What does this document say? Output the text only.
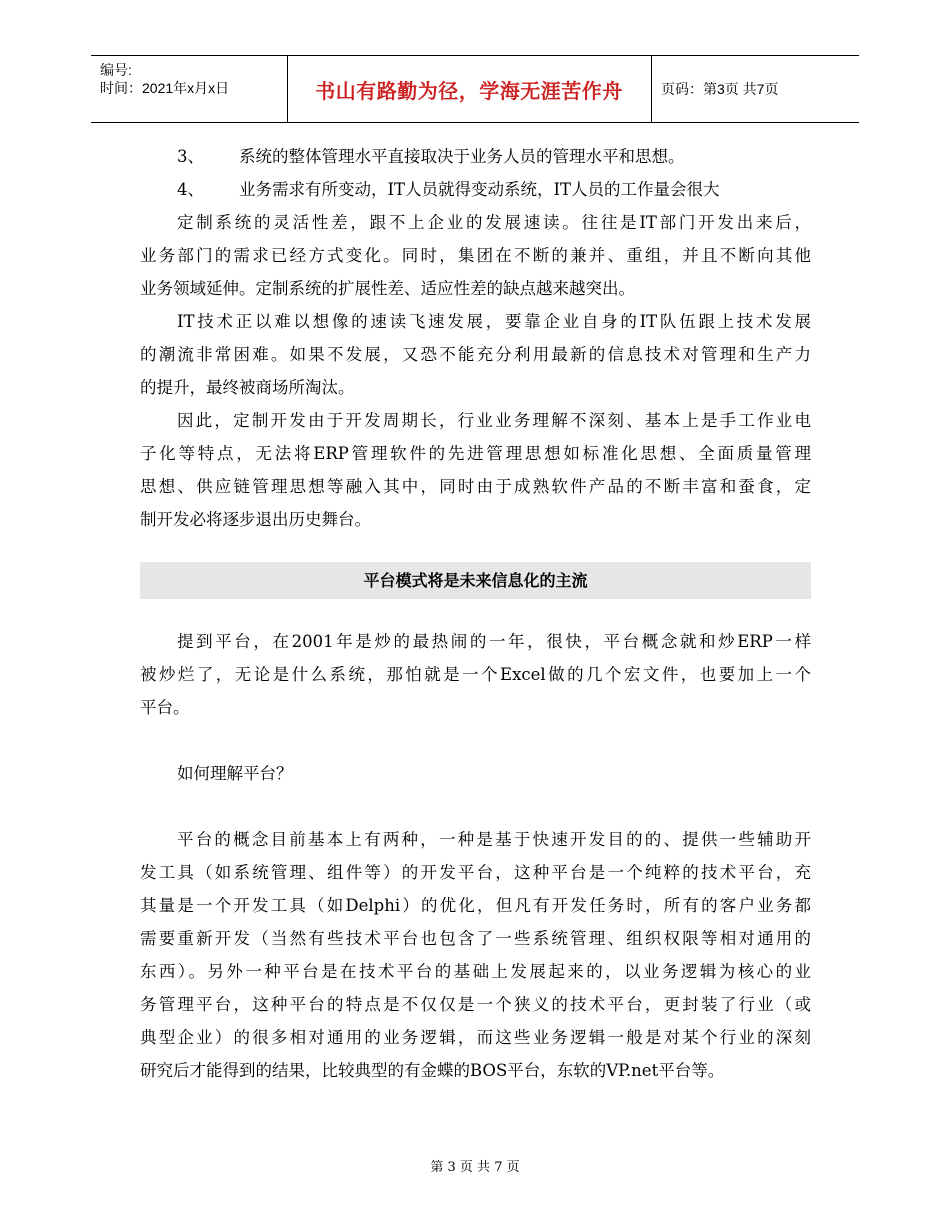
编号:
时间：2021年x月x日	书山有路勤为径，学海无涯苦作舟	页码：第3页 共7页
3、 系统的整体管理水平直接取决于业务人员的管理水平和思想。
4、 业务需求有所变动，IT人员就得变动系统，IT人员的工作量会很大
定制系统的灵活性差，跟不上企业的发展速读。往往是IT部门开发出来后，
业务部门的需求已经方式变化。同时，集团在不断的兼并、重组，并且不断向其他
业务领域延伸。定制系统的扩展性差、适应性差的缺点越来越突出。
IT技术正以难以想像的速读飞速发展，要靠企业自身的IT队伍跟上技术发展
的潮流非常困难。如果不发展，又恐不能充分利用最新的信息技术对管理和生产力
的提升，最终被商场所淘汰。
因此，定制开发由于开发周期长，行业业务理解不深刻、基本上是手工作业电
子化等特点，无法将ERP管理软件的先进管理思想如标准化思想、全面质量管理
思想、供应链管理思想等融入其中，同时由于成熟软件产品的不断丰富和蚕食，定
制开发必将逐步退出历史舞台。
平台模式将是未来信息化的主流
提到平台，在2001年是炒的最热闹的一年，很快，平台概念就和炒ERP一样
被炒烂了，无论是什么系统，那怕就是一个Excel做的几个宏文件，也要加上一个
平台。
如何理解平台？
平台的概念目前基本上有两种，一种是基于快速开发目的的、提供一些辅助开
发工具（如系统管理、组件等）的开发平台，这种平台是一个纯粹的技术平台，充
其量是一个开发工具（如Delphi）的优化，但凡有开发任务时，所有的客户业务都
需要重新开发（当然有些技术平台也包含了一些系统管理、组织权限等相对通用的
东西）。另外一种平台是在技术平台的基础上发展起来的，以业务逻辑为核心的业
务管理平台，这种平台的特点是不仅仅是一个狭义的技术平台，更封装了行业（或
典型企业）的很多相对通用的业务逻辑，而这些业务逻辑一般是对某个行业的深刻
研究后才能得到的结果，比较典型的有金蝶的BOS平台，东软的VP.net平台等。
第 3 页 共 7 页
